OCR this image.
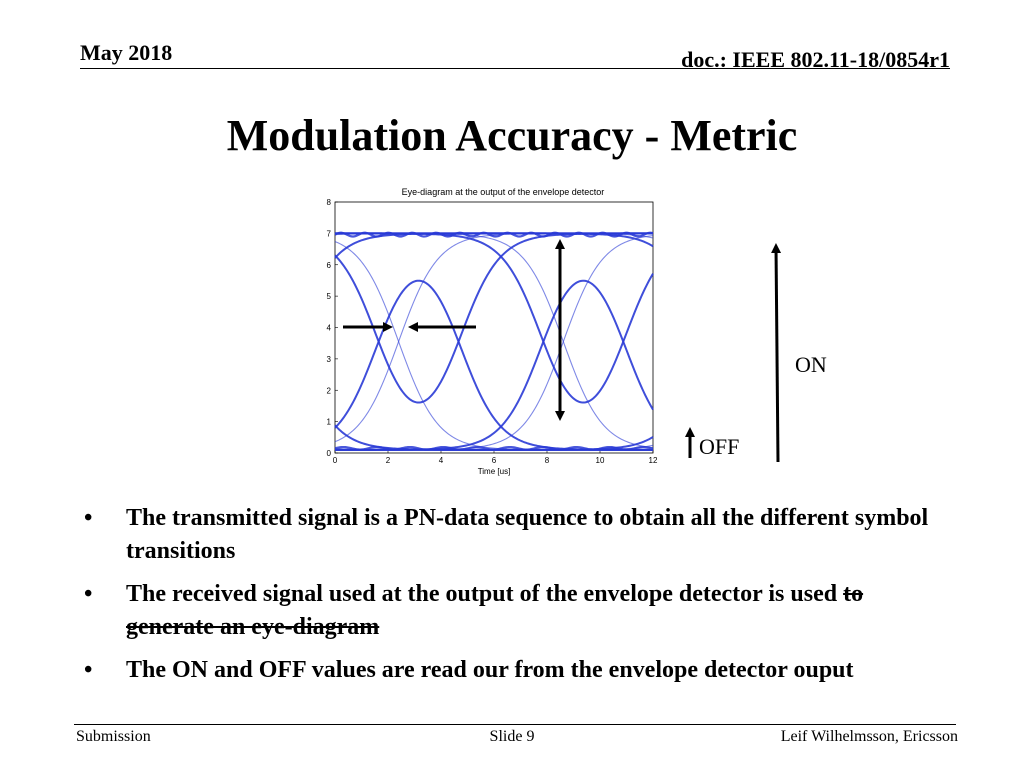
May 2018	doc.: IEEE 802.11-18/0854r1
Modulation Accuracy - Metric
Eye-diagram at the output of the envelope detector
0	2	4	6	8	10	12
0
1
2
3
4
5
6
7
8
Time [us]
ON
OFF
• The transmitted signal is a PN-data sequence to obtain all the different symbol transitions
• The received signal used at the output of the envelope detector is used to generate an eye-diagram
• The ON and OFF values are read our from the envelope detector ouput
Submission	Slide 9	Leif Wilhelmsson, Ericsson
